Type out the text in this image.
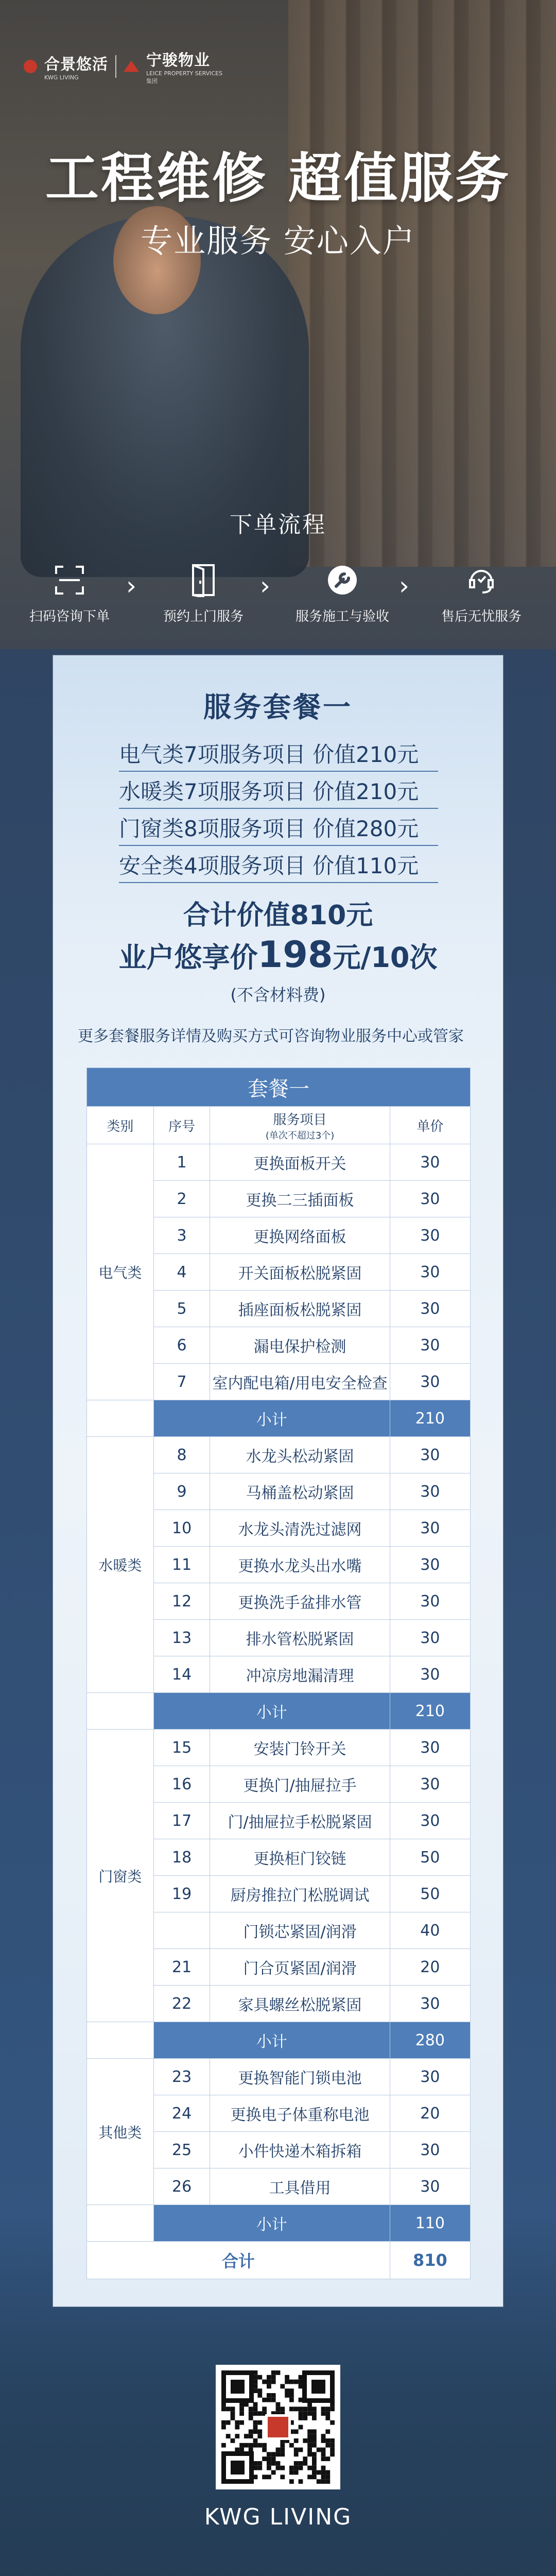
合景悠活
KWG LIVING
宁骏物业
LEICE PROPERTY SERVICES
集团
工程维修 超值服务
专业服务 安心入户
下单流程
扫码咨询下单
›
预约上门服务
›
服务施工与验收
›
售后无忧服务
服务套餐一
电气类7项服务项目 价值210元
水暖类7项服务项目 价值210元
门窗类8项服务项目 价值280元
安全类4项服务项目 价值110元
合计价值810元
业户悠享价198元/10次
(不含材料费)
更多套餐服务详情及购买方式可咨询物业服务中心或管家
套餐一			
类别	序号	服务项目
(单次不超过3个)	单价
电气类	1	更换面板开关	30
	2	更换二三插面板	30
	3	更换网络面板	30
	4	开关面板松脱紧固	30
	5	插座面板松脱紧固	30
	6	漏电保护检测	30
	7	室内配电箱/用电安全检查	30
	小计		210
水暖类	8	水龙头松动紧固	30
	9	马桶盖松动紧固	30
	10	水龙头清洗过滤网	30
	11	更换水龙头出水嘴	30
	12	更换洗手盆排水管	30
	13	排水管松脱紧固	30
	14	冲凉房地漏清理	30
	小计		210
门窗类	15	安装门铃开关	30
	16	更换门/抽屉拉手	30
	17	门/抽屉拉手松脱紧固	30
	18	更换柜门铰链	50
	19	厨房推拉门松脱调试	50
		门锁芯紧固/润滑	40
	21	门合页紧固/润滑	20
	22	家具螺丝松脱紧固	30
	小计		280
其他类	23	更换智能门锁电池	30
	24	更换电子体重称电池	20
	25	小件快递木箱拆箱	30
	26	工具借用	30
	小计		110
合计			810
KWG LIVING
